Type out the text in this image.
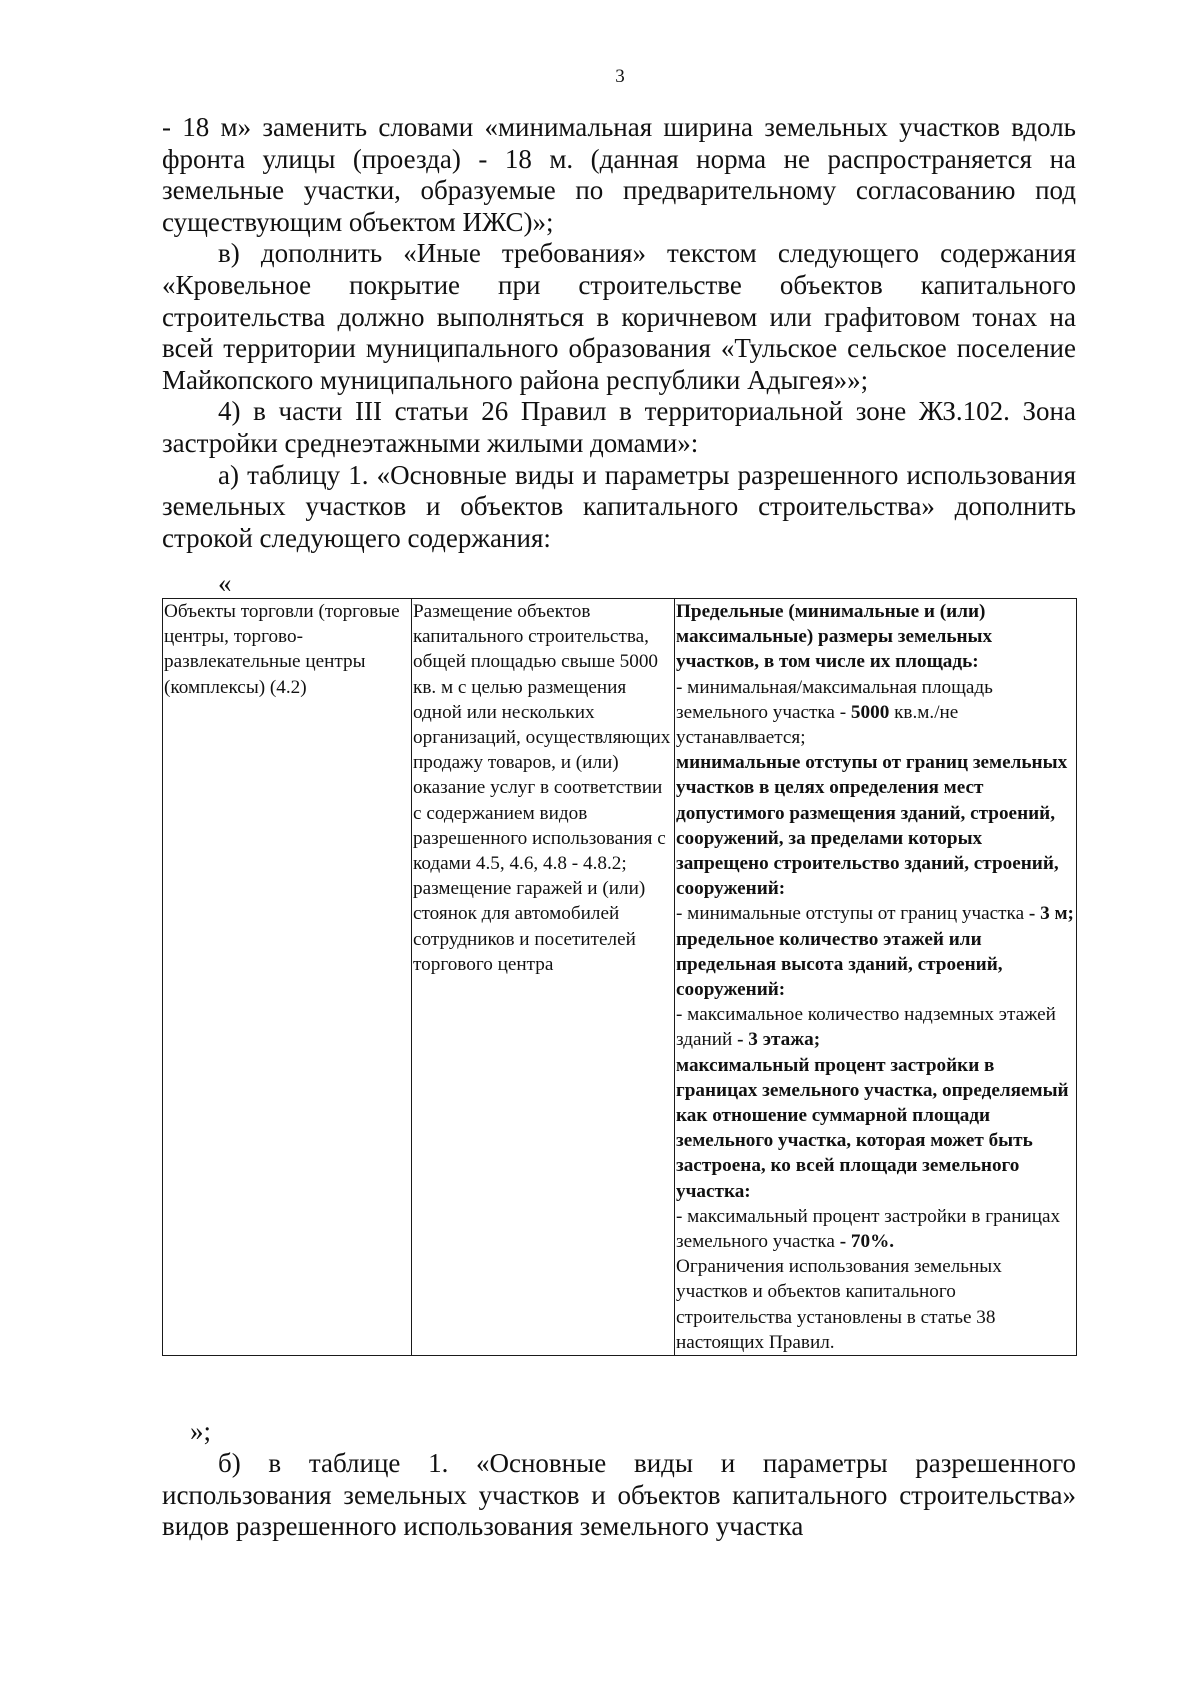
3

- 18 м» заменить словами «минимальная ширина земельных участков вдоль фронта улицы (проезда) - 18 м. (данная норма не распространяется на земельные участки, образуемые по предварительному согласованию под существующим объектом ИЖС)»;

в) дополнить «Иные требования» текстом следующего содержания «Кровельное покрытие при строительстве объектов капитального строительства должно выполняться в коричневом или графитовом тонах на всей территории муниципального образования «Тульское сельское поселение Майкопского муниципального района республики Адыгея»»;

4) в части III статьи 26 Правил в территориальной зоне ЖЗ.102. Зона застройки среднеэтажными жилыми домами»:

а) таблицу 1. «Основные виды и параметры разрешенного использования земельных участков и объектов капитального строительства» дополнить строкой следующего содержания:

«
Объекты торговли (торговые центры, торгово-развлекательные центры (комплексы) (4.2)	Размещение объектов капитального строительства, общей площадью свыше 5000 кв. м с целью размещения одной или нескольких организаций, осуществляющих продажу товаров, и (или) оказание услуг в соответствии с содержанием видов разрешенного использования с кодами 4.5, 4.6, 4.8 - 4.8.2; размещение гаражей и (или) стоянок для автомобилей сотрудников и посетителей торгового центра	Предельные (минимальные и (или) максимальные) размеры земельных участков, в том числе их площадь:
- минимальная/максимальная площадь земельного участка - 5000 кв.м./не устанавлвается;
минимальные отступы от границ земельных участков в целях определения мест допустимого размещения зданий, строений, сооружений, за пределами которых запрещено строительство зданий, строений, сооружений:
- минимальные отступы от границ участка - 3 м;
предельное количество этажей или предельная высота зданий, строений, сооружений:
- максимальное количество надземных этажей зданий - 3 этажа;
максимальный процент застройки в границах земельного участка, определяемый как отношение суммарной площади земельного участка, которая может быть застроена, ко всей площади земельного участка:
- максимальный процент застройки в границах земельного участка - 70%.
Ограничения использования земельных участков и объектов капитального строительства установлены в статье 38 настоящих Правил.
»;

б) в таблице 1. «Основные виды и параметры разрешенного использования земельных участков и объектов капитального строительства» видов разрешенного использования земельного участка
